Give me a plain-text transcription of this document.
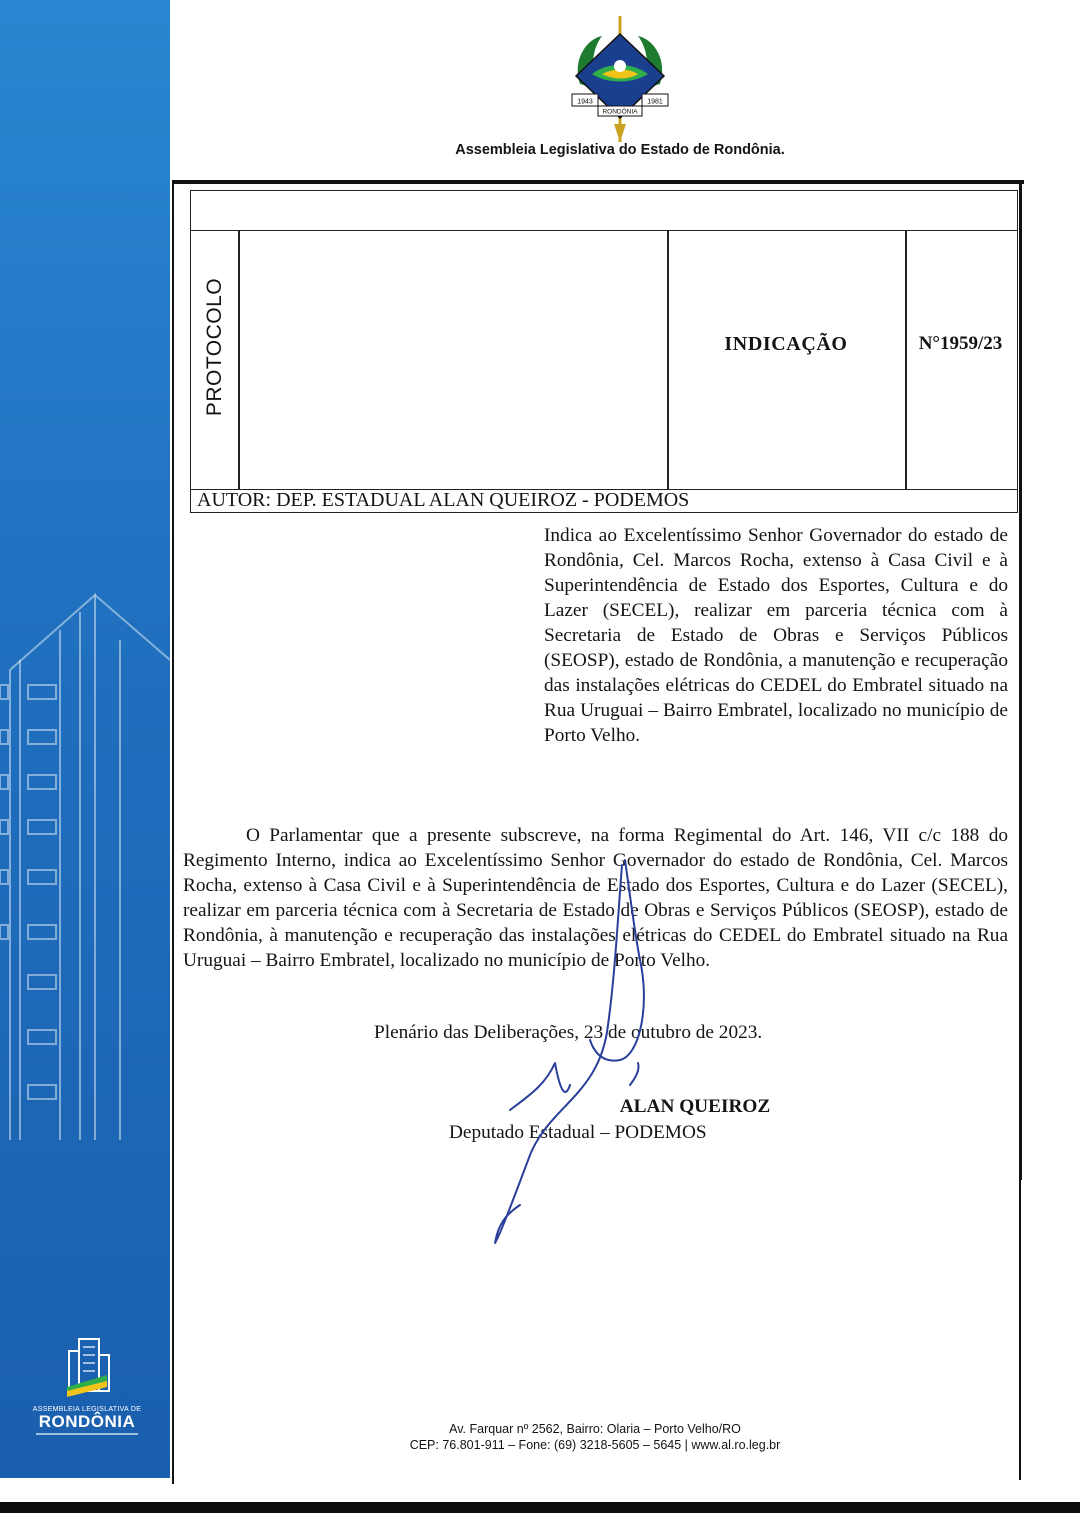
ASSEMBLEIA LEGISLATIVA DE
RONDÔNIA
1943	1981
RONDÔNIA
Assembleia Legislativa do Estado de Rondônia.
PROTOCOLO	INDICAÇÃO	N°1959/23
AUTOR: DEP. ESTADUAL ALAN QUEIROZ - PODEMOS
Indica ao Excelentíssimo Senhor Governador do estado de Rondônia, Cel. Marcos Rocha, extenso à Casa Civil e à Superintendência de Estado dos Esportes, Cultura e do Lazer (SECEL), realizar em parceria técnica com à Secretaria de Estado de Obras e Serviços Públicos (SEOSP), estado de Rondônia, a manutenção e recuperação das instalações elétricas do CEDEL do Embratel situado na Rua Uruguai – Bairro Embratel, localizado no município de Porto Velho.
O Parlamentar que a presente subscreve, na forma Regimental do Art. 146, VII c/c 188 do Regimento Interno, indica ao Excelentíssimo Senhor Governador do estado de Rondônia, Cel. Marcos Rocha, extenso à Casa Civil e à Superintendência de Estado dos Esportes, Cultura e do Lazer (SECEL), realizar em parceria técnica com à Secretaria de Estado de Obras e Serviços Públicos (SEOSP), estado de Rondônia, à manutenção e recuperação das instalações elétricas do CEDEL do Embratel situado na Rua Uruguai – Bairro Embratel, localizado no município de Porto Velho.
Plenário das Deliberações, 23 de outubro de 2023.
ALAN QUEIROZ
Deputado Estadual – PODEMOS
Av. Farquar nº 2562, Bairro: Olaria – Porto Velho/RO
CEP: 76.801-911 – Fone: (69) 3218-5605 – 5645 | www.al.ro.leg.br
